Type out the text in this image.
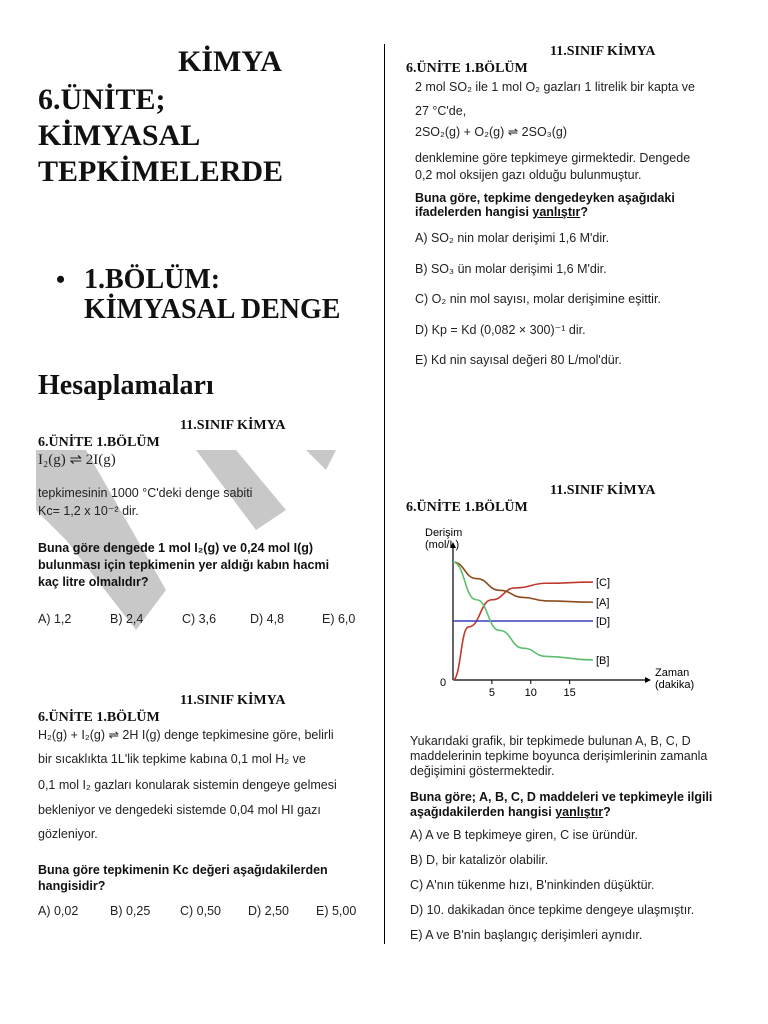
KİMYA
6.ÜNİTE;
KİMYASAL
TEPKİMELERDE
• 1.BÖLÜM:
KİMYASAL DENGE
Hesaplamaları
11.SINIF KİMYA
6.ÜNİTE 1.BÖLÜM
I₂(g) ⇌ 2I(g)
tepkimesinin 1000 °C'deki denge sabiti
Kc= 1,2 x 10⁻² dir.
Buna göre dengede 1 mol I₂(g) ve 0,24 mol I(g)
bulunması için tepkimenin yer aldığı kabın hacmi
kaç litre olmalıdır?
A) 1,2	B) 2,4	C) 3,6	D) 4,8	E) 6,0
11.SINIF KİMYA
6.ÜNİTE 1.BÖLÜM
H₂(g) + I₂(g) ⇌ 2H I(g) denge tepkimesine göre, belirli
bir sıcaklıkta 1L'lik tepkime kabına 0,1 mol H₂ ve
0,1 mol I₂ gazları konularak sistemin dengeye gelmesi
bekleniyor ve dengedeki sistemde 0,04 mol HI gazı
gözleniyor.
Buna göre tepkimenin Kc değeri aşağıdakilerden
hangisidir?
A) 0,02	B) 0,25 C) 0,50 D) 2,50 E) 5,00
11.SINIF KİMYA
6.ÜNİTE 1.BÖLÜM
2 mol SO₂ ile 1 mol O₂ gazları 1 litrelik bir kapta ve
27 °C'de,
2SO₂(g) + O₂(g) ⇌ 2SO₃(g)
denklemine göre tepkimeye girmektedir. Dengede
0,2 mol oksijen gazı olduğu bulunmuştur.
Buna göre, tepkime dengedeyken aşağıdaki
ifadelerden hangisi yanlıştır?
A) SO₂ nin molar derişimi 1,6 M'dir.
B) SO₃ ün molar derişimi 1,6 M'dir.
C) O₂ nin mol sayısı, molar derişimine eşittir.
D) Kp = Kd (0,082 × 300)⁻¹ dir.
E) Kd nin sayısal değeri 80 L/mol'dür.
11.SINIF KİMYA
6.ÜNİTE 1.BÖLÜM
5	10 15
0
Derişim
(mol/L)
Zaman
(dakika)
[C]
[A]
[D]
[B]
Yukarıdaki grafik, bir tepkimede bulunan A, B, C, D
maddelerinin tepkime boyunca derişimlerinin zamanla
değişimini göstermektedir.
Buna göre; A, B, C, D maddeleri ve tepkimeyle ilgili
aşağıdakilerden hangisi yanlıştır?
A) A ve B tepkimeye giren, C ise üründür.
B) D, bir katalizör olabilir.
C) A'nın tükenme hızı, B'ninkinden düşüktür.
D) 10. dakikadan önce tepkime dengeye ulaşmıştır.
E) A ve B'nin başlangıç derişimleri aynıdır.
